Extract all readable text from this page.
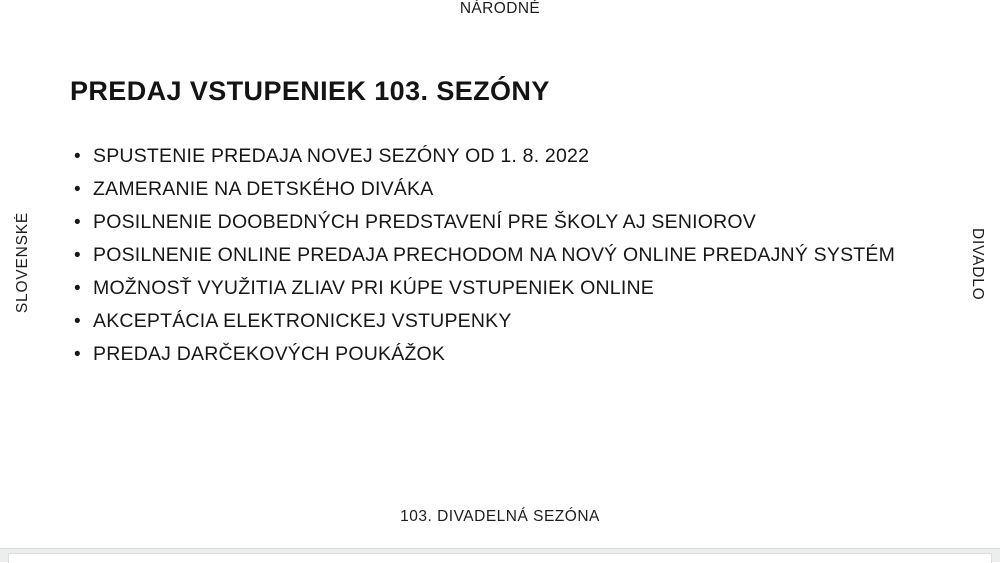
NÁRODNÉ
SLOVENSKÉ	DIVADLO
PREDAJ VSTUPENIEK 103. SEZÓNY
• SPUSTENIE PREDAJA NOVEJ SEZÓNY OD 1. 8. 2022
• ZAMERANIE NA DETSKÉHO DIVÁKA
• POSILNENIE DOOBEDNÝCH PREDSTAVENÍ PRE ŠKOLY AJ SENIOROV
• POSILNENIE ONLINE PREDAJA PRECHODOM NA NOVÝ ONLINE PREDAJNÝ SYSTÉM
• MOŽNOSŤ VYUŽITIA ZLIAV PRI KÚPE VSTUPENIEK ONLINE
• AKCEPTÁCIA ELEKTRONICKEJ VSTUPENKY
• PREDAJ DARČEKOVÝCH POUKÁŽOK
103. DIVADELNÁ SEZÓNA
